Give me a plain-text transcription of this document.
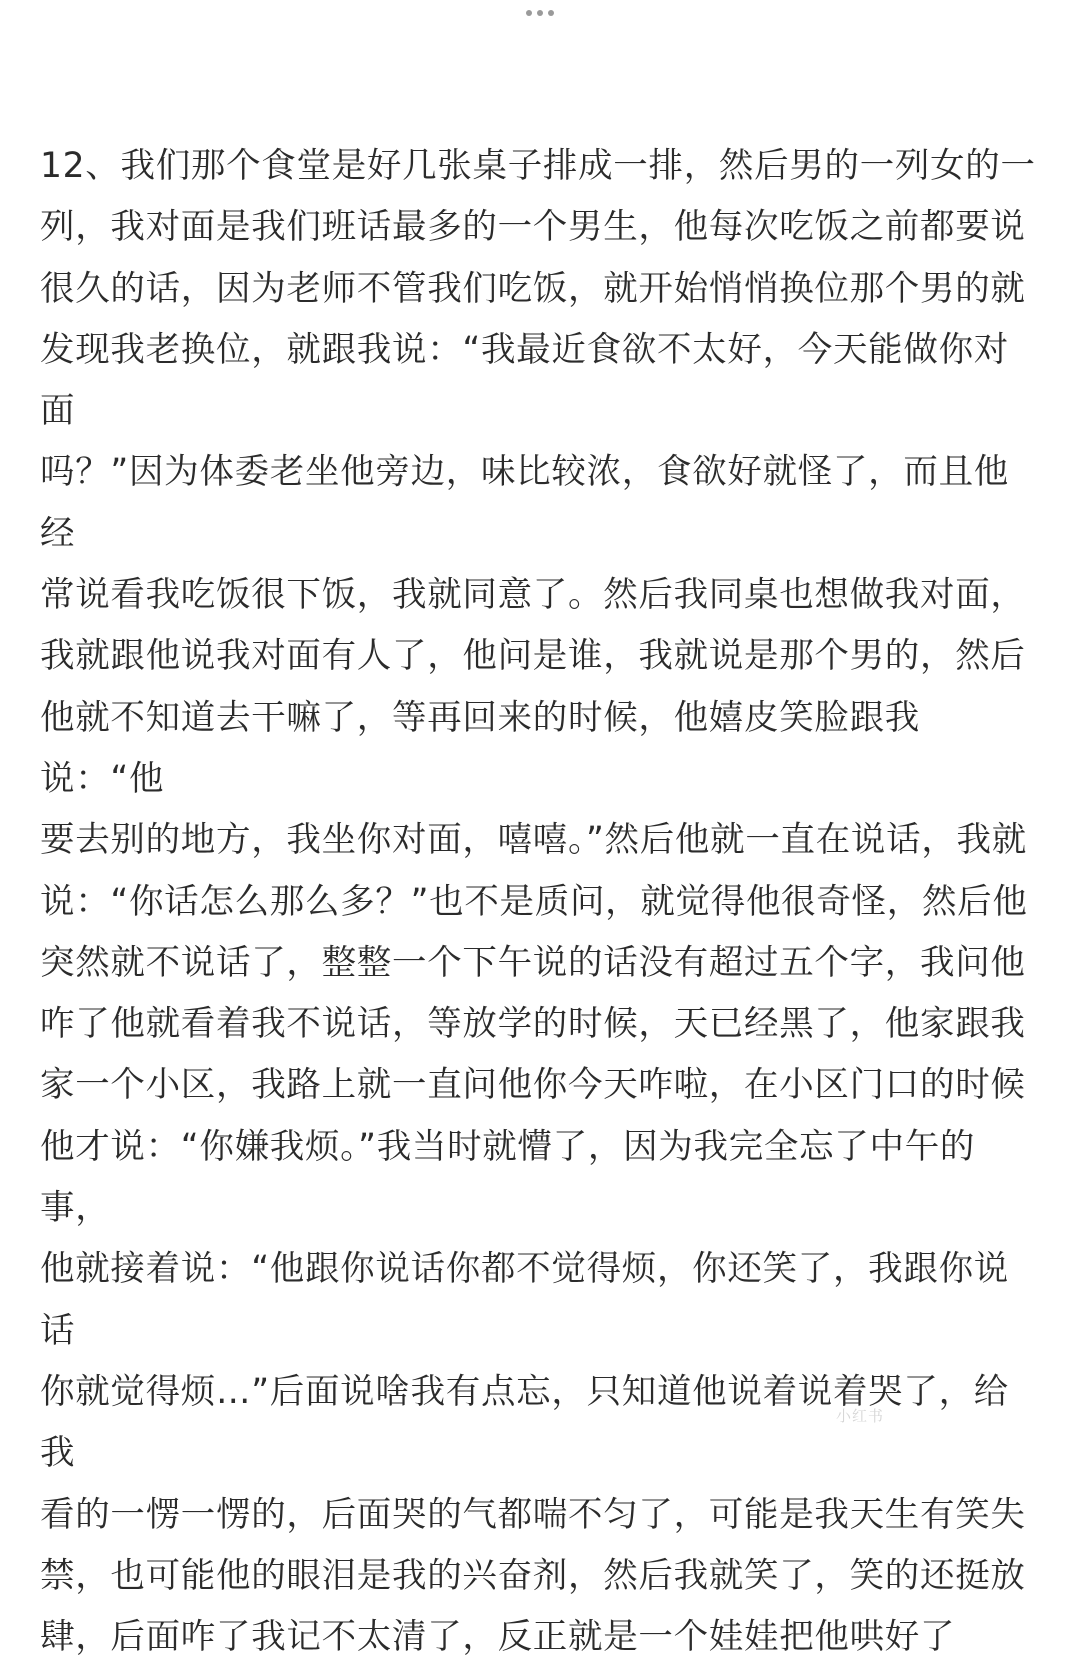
12、我们那个食堂是好几张桌子排成一排，然后男的一列女的一
列，我对面是我们班话最多的一个男生，他每次吃饭之前都要说
很久的话，因为老师不管我们吃饭，就开始悄悄换位那个男的就
发现我老换位，就跟我说：“我最近食欲不太好，今天能做你对面
吗？”因为体委老坐他旁边，味比较浓，食欲好就怪了，而且他经
常说看我吃饭很下饭，我就同意了。然后我同桌也想做我对面，
我就跟他说我对面有人了，他问是谁，我就说是那个男的，然后
他就不知道去干嘛了，等再回来的时候，他嬉皮笑脸跟我说：“他
要去别的地方，我坐你对面，嘻嘻。”然后他就一直在说话，我就
说：“你话怎么那么多？”也不是质问，就觉得他很奇怪，然后他
突然就不说话了，整整一个下午说的话没有超过五个字，我问他
咋了他就看着我不说话，等放学的时候，天已经黑了，他家跟我
家一个小区，我路上就一直问他你今天咋啦，在小区门口的时候
他才说：“你嫌我烦。”我当时就懵了，因为我完全忘了中午的事，
他就接着说：“他跟你说话你都不觉得烦，你还笑了，我跟你说话
你就觉得烦…”后面说啥我有点忘，只知道他说着说着哭了，给我
看的一愣一愣的，后面哭的气都喘不匀了，可能是我天生有笑失
禁，也可能他的眼泪是我的兴奋剂，然后我就笑了，笑的还挺放
肆，后面咋了我记不太清了，反正就是一个娃娃把他哄好了

小红书
